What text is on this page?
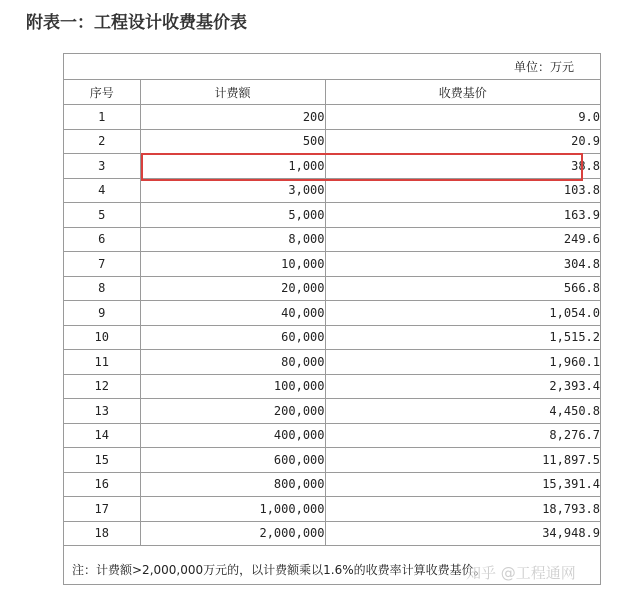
附表一：工程设计收费基价表
单位：万元
序号	计费额	收费基价
1	200	9.0
2	500	20.9
3	1,000	38.8
4	3,000	103.8
5	5,000	163.9
6	8,000	249.6
7	10,000	304.8
8	20,000	566.8
9	40,000	1,054.0
10	60,000	1,515.2
11	80,000	1,960.1
12	100,000	2,393.4
13	200,000	4,450.8
14	400,000	8,276.7
15	600,000	11,897.5
16	800,000	15,391.4
17	1,000,000	18,793.8
18	2,000,000	34,948.9
注：计费额>2,000,000万元的，以计费额乘以1.6%的收费率计算收费基价。
知乎 @工程通网
